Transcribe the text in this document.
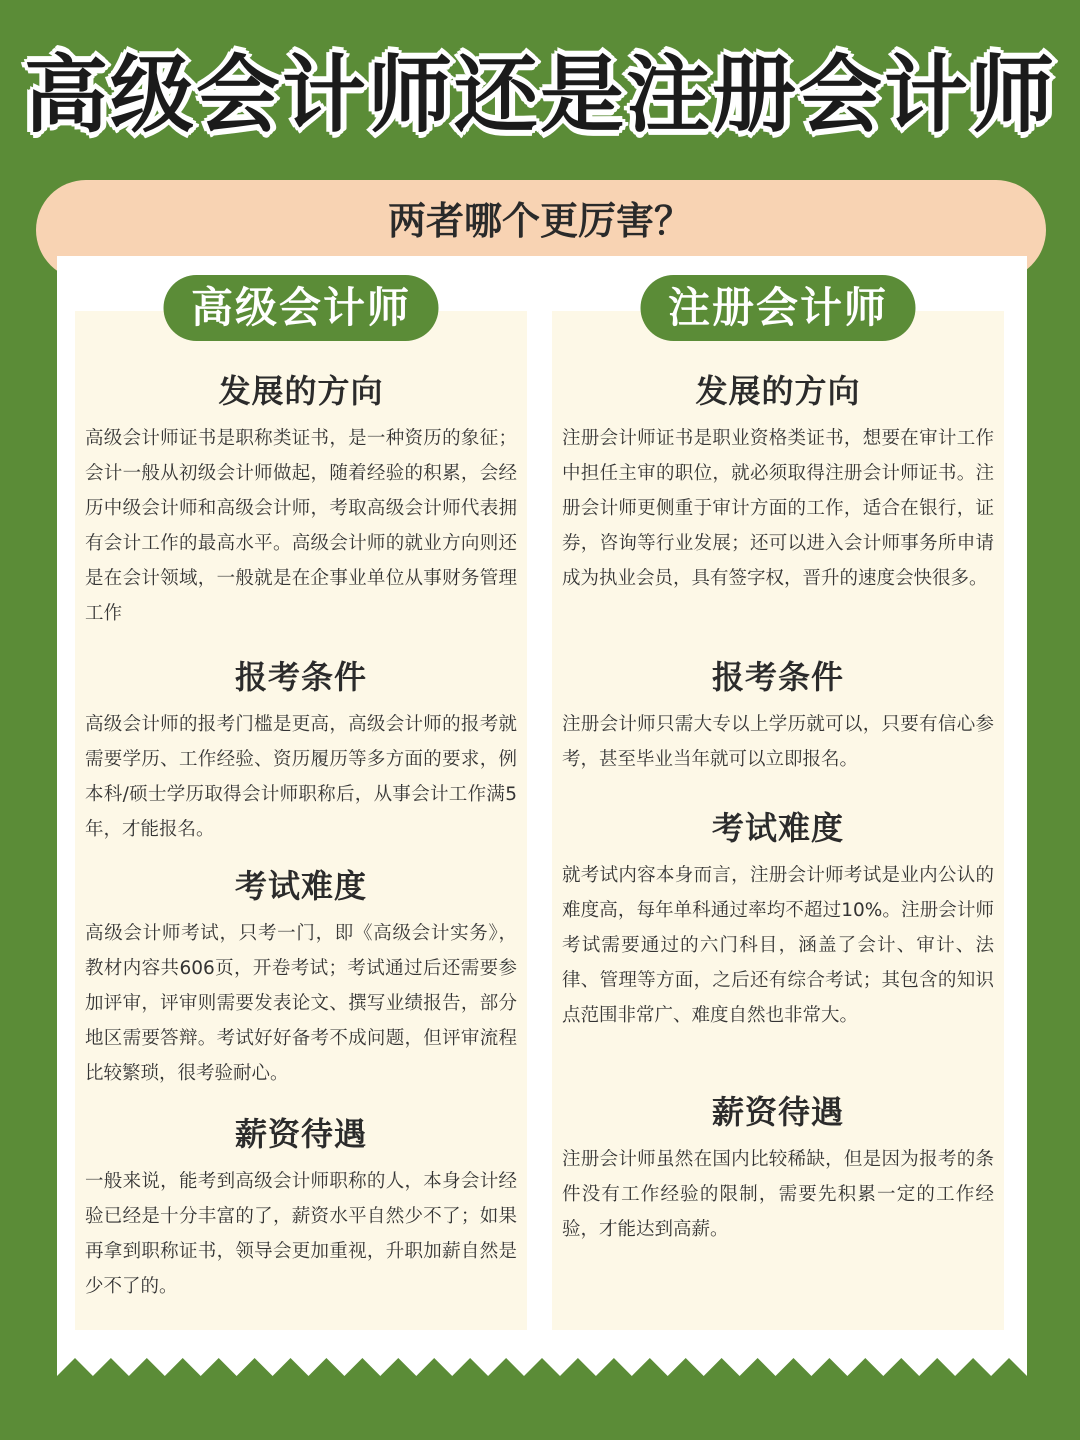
高级会计师还是注册会计师
两者哪个更厉害？
高级会计师
发展的方向
高级会计师证书是职称类证书，是一种资历的象征；会计一般从初级会计师做起，随着经验的积累，会经历中级会计师和高级会计师，考取高级会计师代表拥有会计工作的最高水平。高级会计师的就业方向则还是在会计领域，一般就是在企事业单位从事财务管理工作
报考条件
高级会计师的报考门槛是更高，高级会计师的报考就需要学历、工作经验、资历履历等多方面的要求，例本科/硕士学历取得会计师职称后，从事会计工作满5年，才能报名。
考试难度
高级会计师考试，只考一门，即《高级会计实务》，教材内容共606页，开卷考试；考试通过后还需要参加评审，评审则需要发表论文、撰写业绩报告，部分地区需要答辩。考试好好备考不成问题，但评审流程比较繁琐，很考验耐心。
薪资待遇
一般来说，能考到高级会计师职称的人，本身会计经验已经是十分丰富的了，薪资水平自然少不了；如果再拿到职称证书，领导会更加重视，升职加薪自然是少不了的。
注册会计师
发展的方向
注册会计师证书是职业资格类证书，想要在审计工作中担任主审的职位，就必须取得注册会计师证书。注册会计师更侧重于审计方面的工作，适合在银行，证券，咨询等行业发展；还可以进入会计师事务所申请成为执业会员，具有签字权，晋升的速度会快很多。
报考条件
注册会计师只需大专以上学历就可以，只要有信心参考，甚至毕业当年就可以立即报名。
考试难度
就考试内容本身而言，注册会计师考试是业内公认的难度高，每年单科通过率均不超过10%。注册会计师考试需要通过的六门科目，涵盖了会计、审计、法律、管理等方面，之后还有综合考试；其包含的知识点范围非常广、难度自然也非常大。
薪资待遇
注册会计师虽然在国内比较稀缺，但是因为报考的条件没有工作经验的限制，需要先积累一定的工作经验，才能达到高薪。
